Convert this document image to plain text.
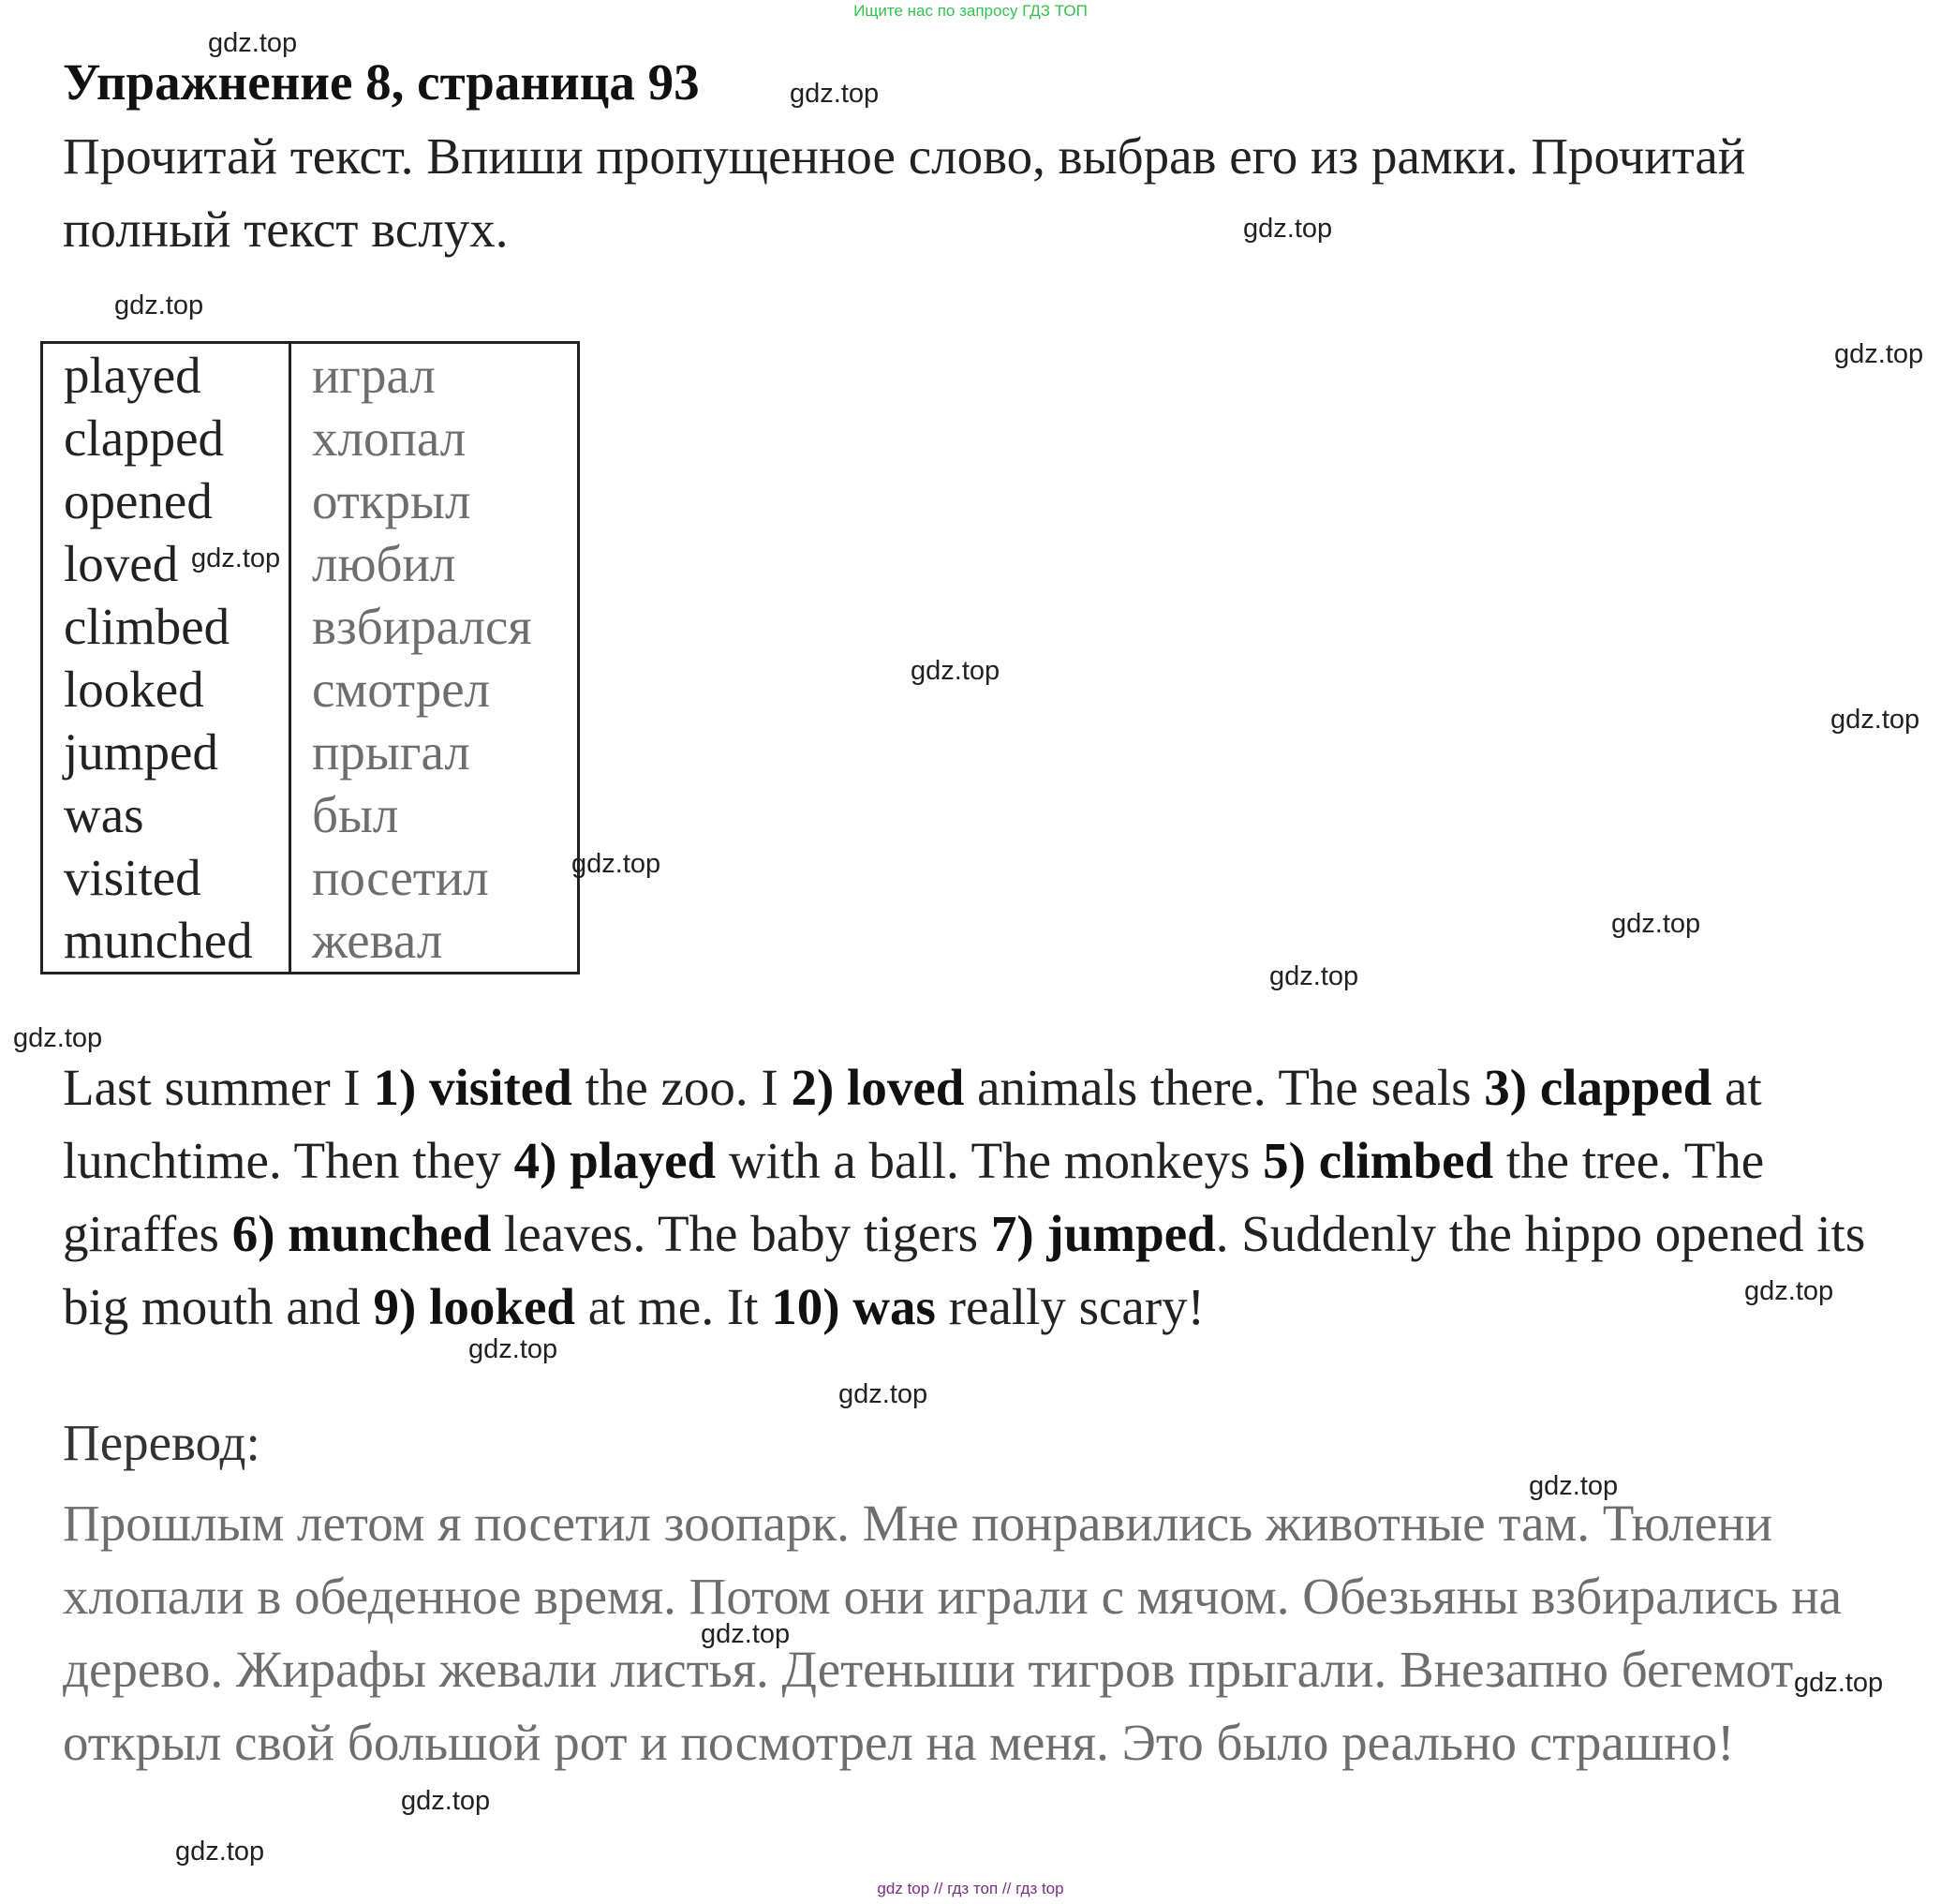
Ищите нас по запросу ГДЗ ТОП
Упражнение 8, страница 93

Прочитай текст. Впиши пропущенное слово, выбрав его из рамки. Прочитай полный текст вслух.

played	играл
clapped	хлопал
opened	открыл
loved	любил
climbed	взбирался
looked	смотрел
jumped	прыгал
was	был
visited	посетил
munched	жевал

Last summer I 1) visited the zoo. I 2) loved animals there. The seals 3) clapped at lunchtime. Then they 4) played with a ball. The monkeys 5) climbed the tree. The giraffes 6) munched leaves. The baby tigers 7) jumped. Suddenly the hippo opened its big mouth and 9) looked at me. It 10) was really scary!

Перевод:

Прошлым летом я посетил зоопарк. Мне понравились животные там. Тюлени хлопали в обеденное время. Потом они играли с мячом. Обезьяны взбирались на дерево. Жирафы жевали листья. Детеныши тигров прыгали. Внезапно бегемот открыл свой большой рот и посмотрел на меня. Это было реально страшно!

gdz.top
gdz.top
gdz.top
gdz.top
gdz.top
gdz.top
gdz.top
gdz.top
gdz.top
gdz.top
gdz.top
gdz.top
gdz.top
gdz.top
gdz.top
gdz.top
gdz.top
gdz.top
gdz.top
gdz.top
gdz top // гдз топ // гдз top
